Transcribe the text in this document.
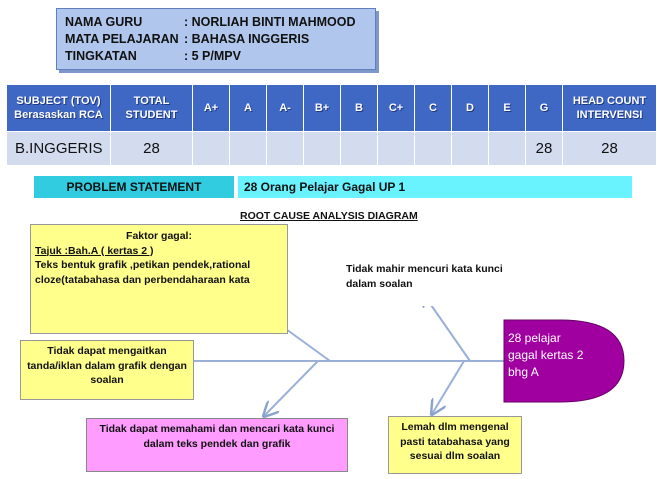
NAMA GURU	: NORLIAH BINTI MAHMOOD
MATA PELAJARAN : BAHASA INGGERIS
TINGKATAN	: 5 P/MPV
SUBJECT (TOV) Berasaskan RCA	TOTAL STUDENT	A+	A	A-	B+	B	C+	C	D	E	G	HEAD COUNT INTERVENSI
B.INGGERIS	28										28	28
PROBLEM STATEMENT	28 Orang Pelajar Gagal UP 1
ROOT CAUSE ANALYSIS DIAGRAM
28 pelajar gagal kertas 2 bhg A
Faktor gagal:
Tajuk :Bah.A ( kertas 2 )
Teks bentuk grafik ,petikan pendek,rational cloze(tatabahasa dan perbendaharaan kata
Tidak mahir mencuri kata kunci dalam soalan
Tidak dapat mengaitkan tanda/iklan dalam grafik dengan soalan
Tidak dapat memahami dan mencari kata kunci dalam teks pendek dan grafik
Lemah dlm mengenal pasti tatabahasa yang sesuai dlm soalan
